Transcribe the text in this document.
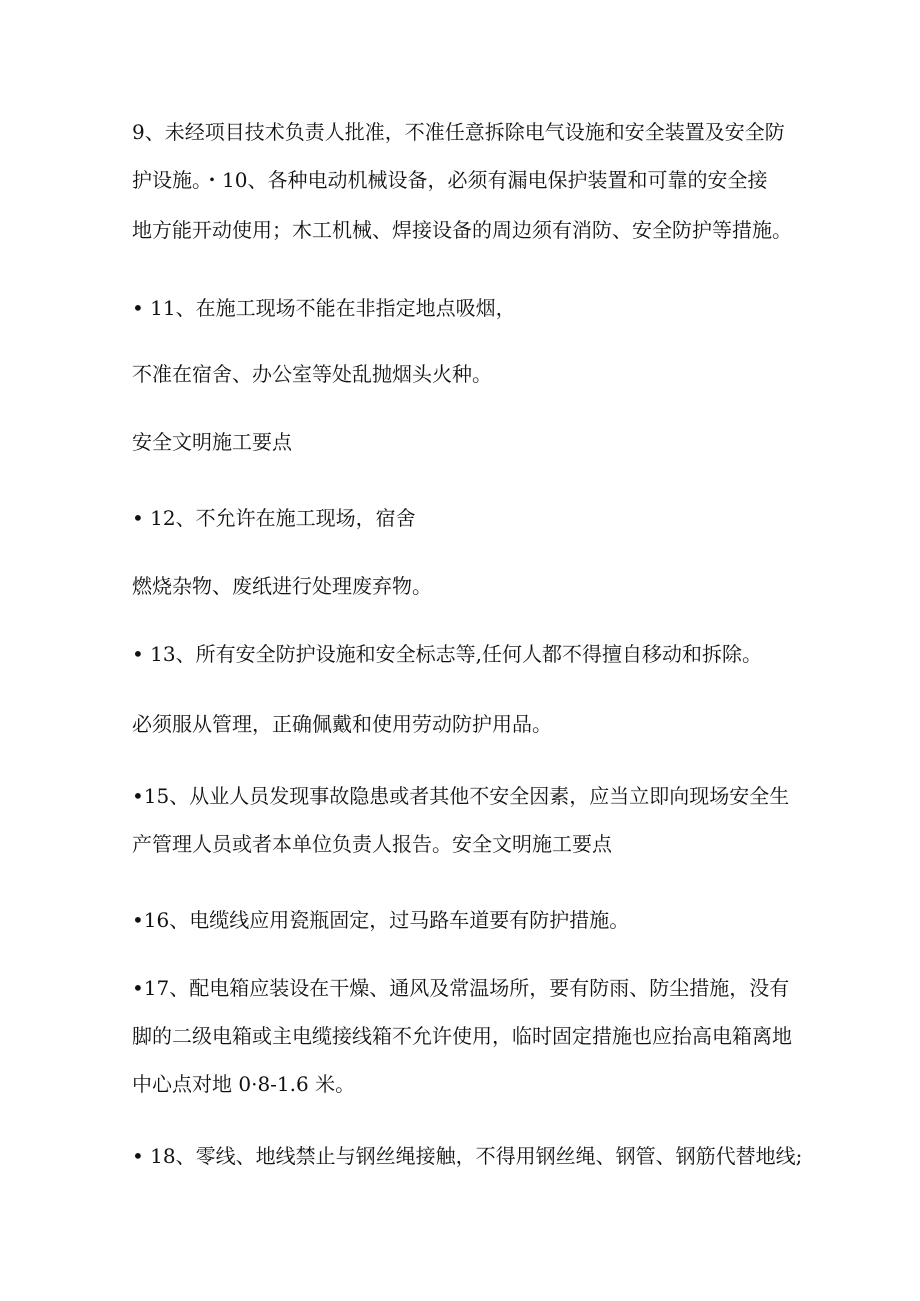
9、未经项目技术负责人批准，不准任意拆除电气设施和安全装置及安全防
护设施。・10、各种电动机械设备，必须有漏电保护装置和可靠的安全接
地方能开动使用；木工机械、焊接设备的周边须有消防、安全防护等措施。
• 11、在施工现场不能在非指定地点吸烟，
不准在宿舍、办公室等处乱抛烟头火种。
安全文明施工要点
• 12、不允许在施工现场，宿舍
燃烧杂物、废纸进行处理废弃物。
• 13、所有安全防护设施和安全标志等,任何人都不得擅自移动和拆除。
必须服从管理，正确佩戴和使用劳动防护用品。
•15、从业人员发现事故隐患或者其他不安全因素，应当立即向现场安全生
产管理人员或者本单位负责人报告。安全文明施工要点
•16、电缆线应用瓷瓶固定，过马路车道要有防护措施。
•17、配电箱应装设在干燥、通风及常温场所，要有防雨、防尘措施，没有
脚的二级电箱或主电缆接线箱不允许使用，临时固定措施也应抬高电箱离地
中心点对地 0·8-1.6 米。
• 18、零线、地线禁止与钢丝绳接触，不得用钢丝绳、钢管、钢筋代替地线;
